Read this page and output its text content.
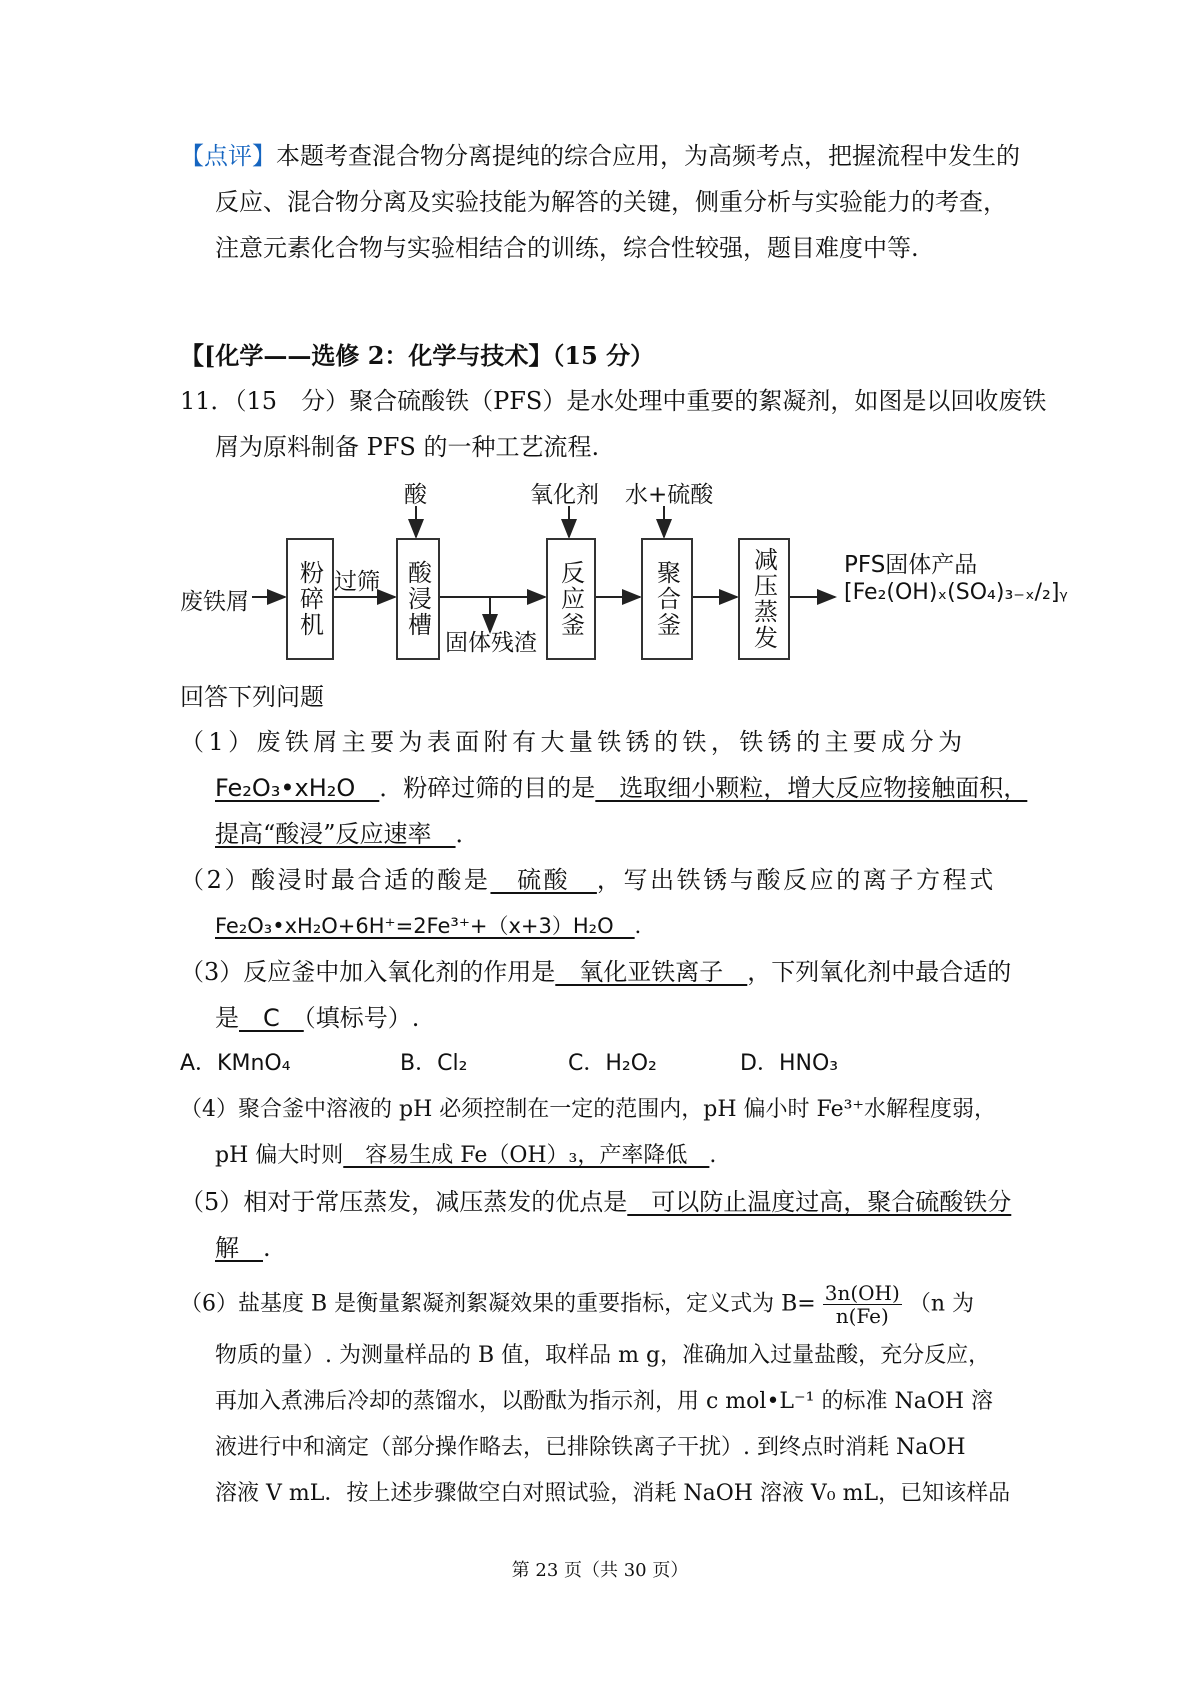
【点评】本题考查混合物分离提纯的综合应用，为高频考点，把握流程中发生的
反应、混合物分离及实验技能为解答的关键，侧重分析与实验能力的考查，
注意元素化合物与实验相结合的训练，综合性较强，题目难度中等.
【[化学——选修 2：化学与技术】（15 分）
11．（15　分）聚合硫酸铁（PFS）是水处理中重要的絮凝剂，如图是以回收废铁
屑为原料制备 PFS 的一种工艺流程.
废铁屑	粉碎机 过筛 酸浸槽
酸
固体残渣
反应釜
氧化剂
聚合釜
水+硫酸
减压蒸发	PFS固体产品
[Fe₂(OH)ₓ(SO₄)₃₋ₓ/₂]ᵧ
回答下列问题
（1）废铁屑主要为表面附有大量铁锈的铁，铁锈的主要成分为
Fe₂O₃•xH₂O　．粉碎过筛的目的是　选取细小颗粒，增大反应物接触面积，
提高“酸浸”反应速率　．
（2）酸浸时最合适的酸是　硫酸　，写出铁锈与酸反应的离子方程式
Fe₂O₃•xH₂O+6H⁺=2Fe³⁺+（x+3）H₂O　．
（3）反应釜中加入氧化剂的作用是　氧化亚铁离子　，下列氧化剂中最合适的
是　C　（填标号）.
A．KMnO₄	B．Cl₂	C．H₂O₂	D．HNO₃
（4）聚合釜中溶液的 pH 必须控制在一定的范围内，pH 偏小时 Fe³⁺水解程度弱，
pH 偏大时则　容易生成 Fe（OH）₃，产率降低　.
（5）相对于常压蒸发，减压蒸发的优点是　可以防止温度过高，聚合硫酸铁分
解　.
（6）盐基度 B 是衡量絮凝剂絮凝效果的重要指标，定义式为 $B= \frac{3n(OH)}{n(Fe)} (n$ 为
物质的量）. 为测量样品的 B 值，取样品 m g，准确加入过量盐酸，充分反应，
再加入煮沸后冷却的蒸馏水，以酚酞为指示剂，用 c mol•L⁻¹ 的标准 NaOH 溶
液进行中和滴定（部分操作略去，已排除铁离子干扰）. 到终点时消耗 NaOH
溶液 V mL．按上述步骤做空白对照试验，消耗 NaOH 溶液 V₀ mL，已知该样品
第 23 页（共 30 页）
